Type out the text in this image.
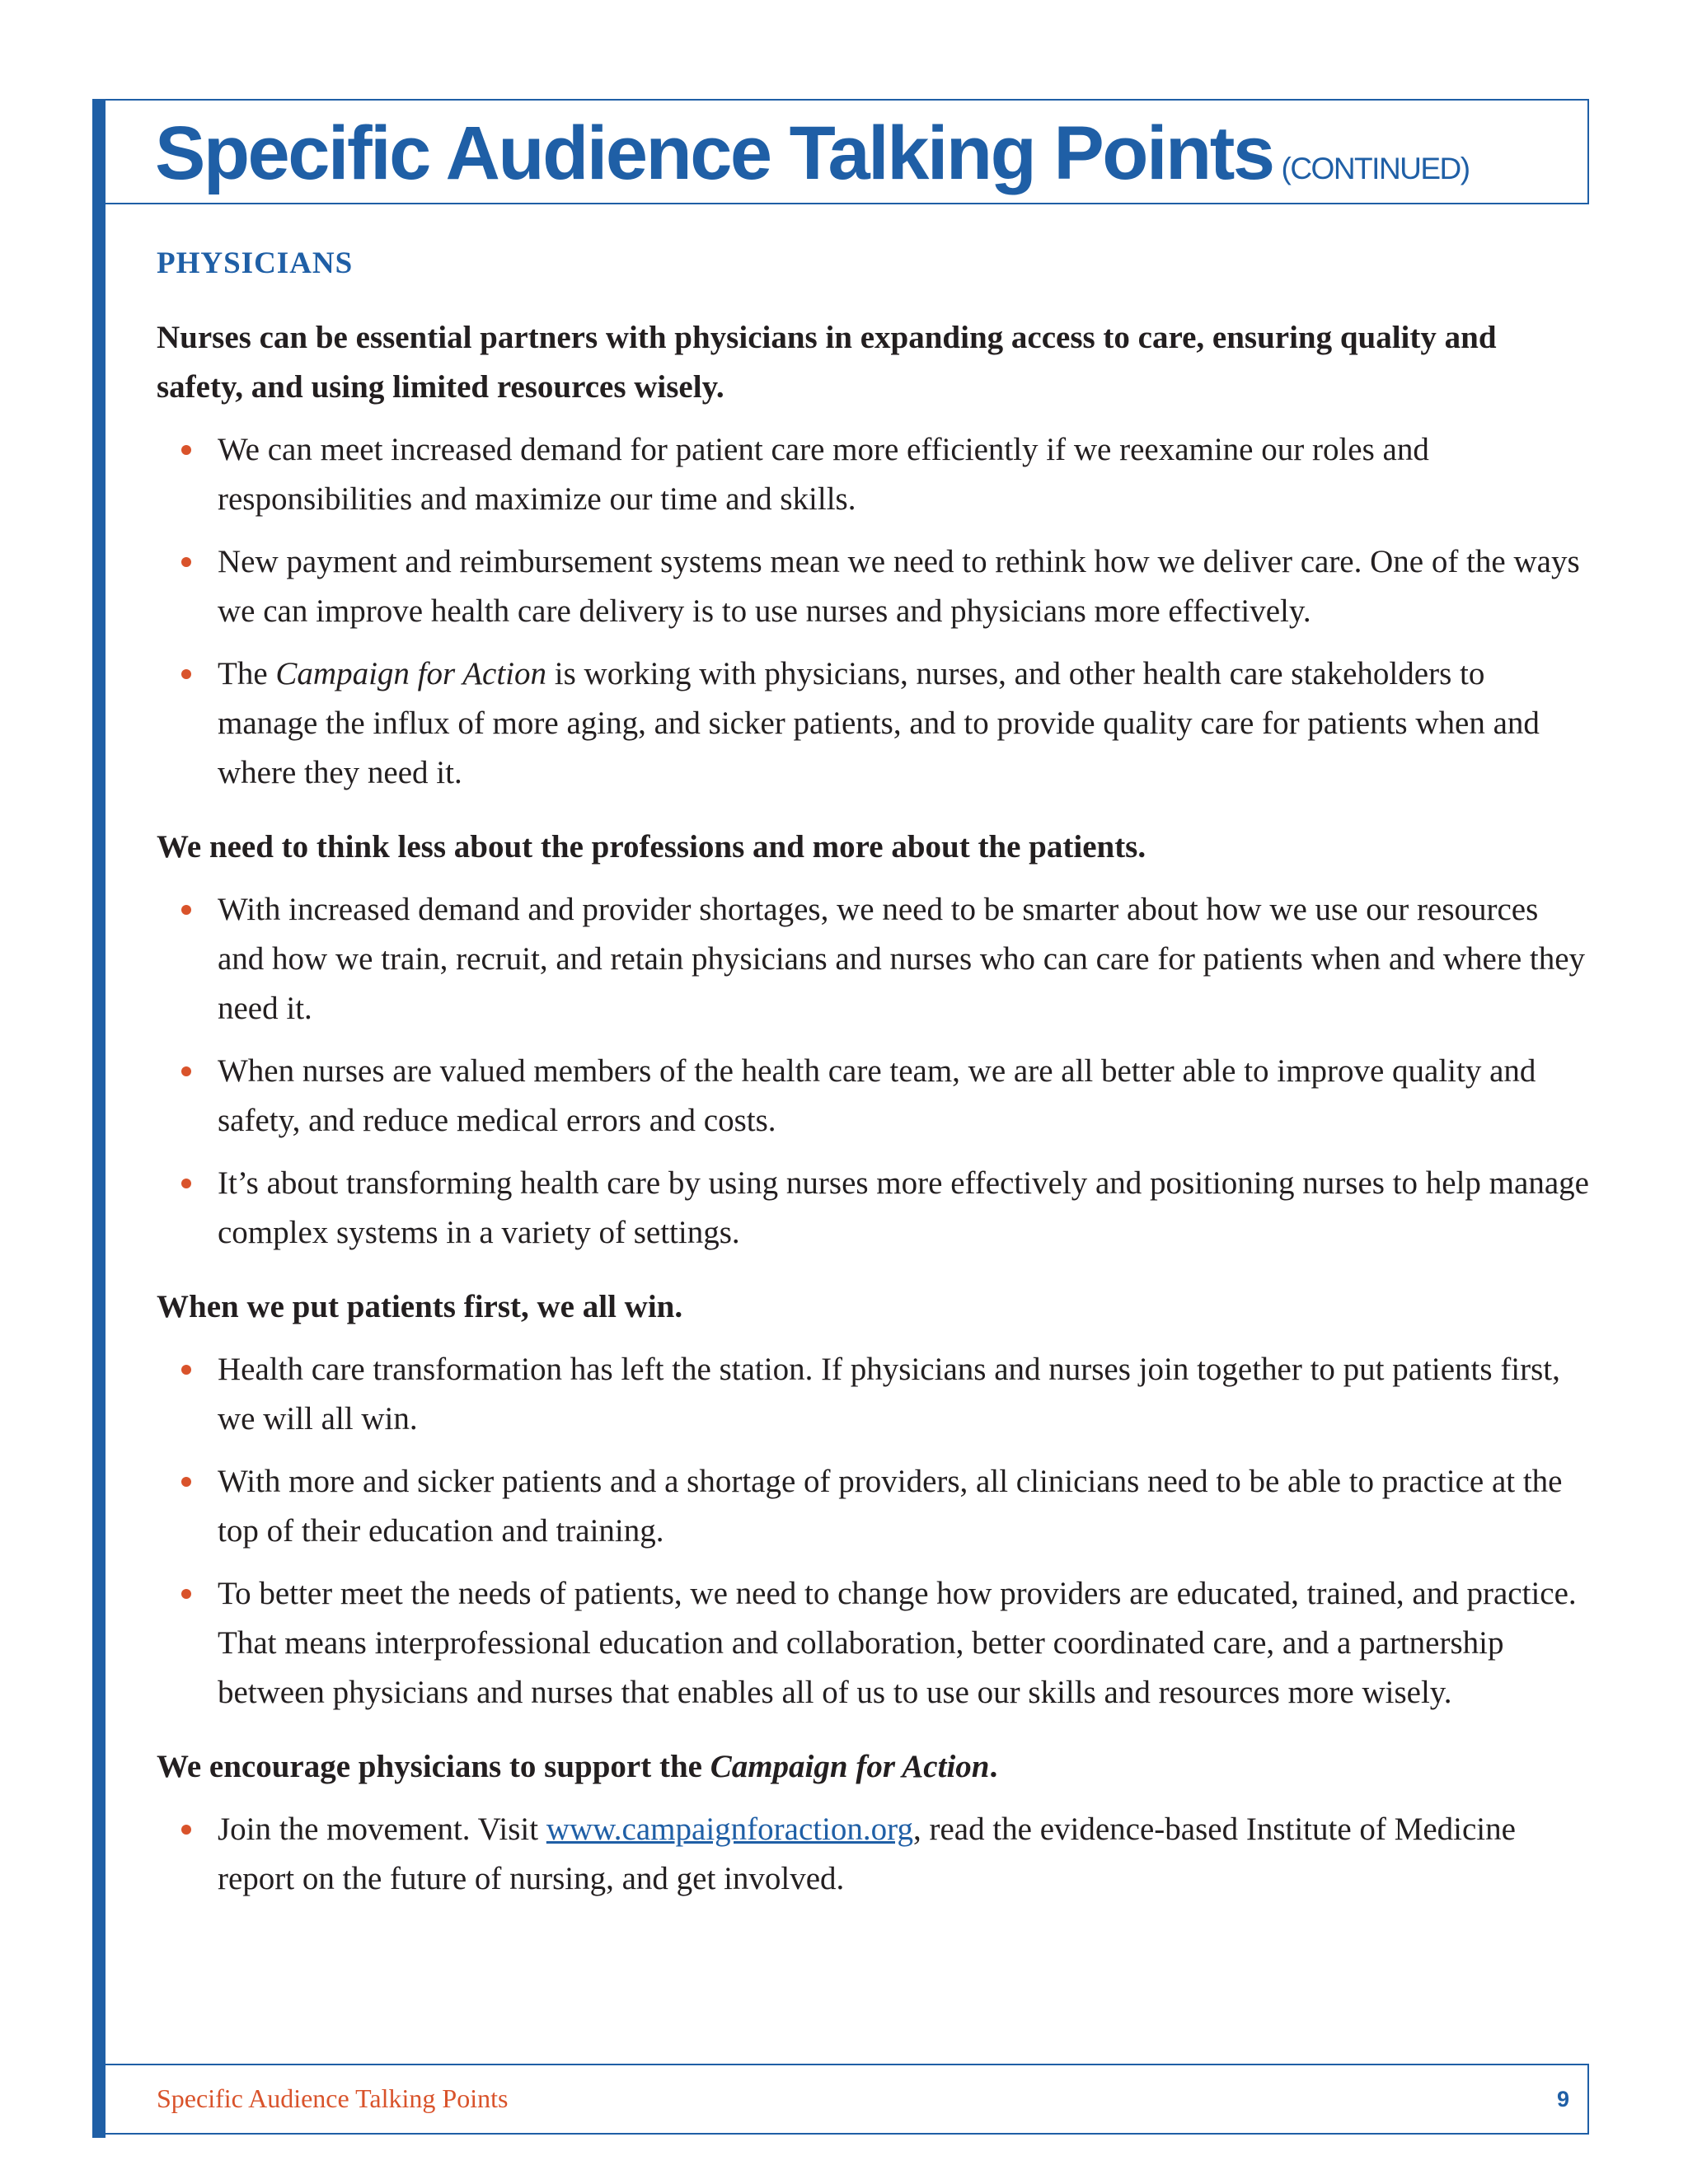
Specific Audience Talking Points (CONTINUED)
PHYSICIANS

Nurses can be essential partners with physicians in expanding access to care, ensuring quality and safety, and using limited resources wisely.

We can meet increased demand for patient care more efficiently if we reexamine our roles and responsibilities and maximize our time and skills.
New payment and reimbursement systems mean we need to rethink how we deliver care. One of the ways we can improve health care delivery is to use nurses and physicians more effectively.
The Campaign for Action is working with physicians, nurses, and other health care stakeholders to manage the influx of more aging, and sicker patients, and to provide quality care for patients when and where they need it.

We need to think less about the professions and more about the patients.

With increased demand and provider shortages, we need to be smarter about how we use our resources and how we train, recruit, and retain physicians and nurses who can care for patients when and where they need it.
When nurses are valued members of the health care team, we are all better able to improve quality and safety, and reduce medical errors and costs.
It’s about transforming health care by using nurses more effectively and positioning nurses to help manage complex systems in a variety of settings.

When we put patients first, we all win.

Health care transformation has left the station. If physicians and nurses join together to put patients first, we will all win.
With more and sicker patients and a shortage of providers, all clinicians need to be able to practice at the top of their education and training.
To better meet the needs of patients, we need to change how providers are educated, trained, and practice. That means interprofessional education and collaboration, better coordinated care, and a partnership between physicians and nurses that enables all of us to use our skills and resources more wisely.

We encourage physicians to support the Campaign for Action.

Join the movement. Visit www.campaignforaction.org, read the evidence-based Institute of Medicine report on the future of nursing, and get involved.
Specific Audience Talking Points	9
